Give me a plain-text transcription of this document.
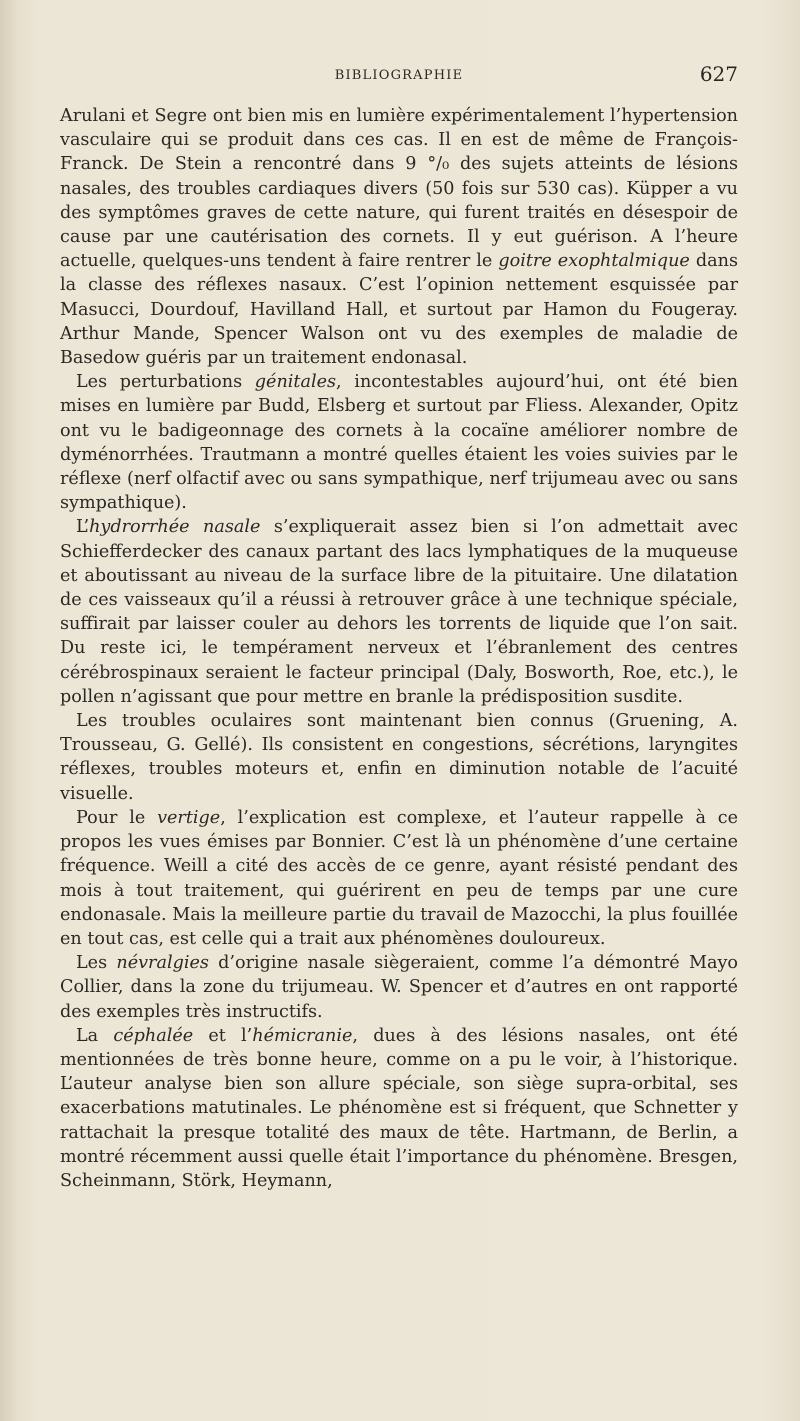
BIBLIOGRAPHIE	627

Arulani et Segre ont bien mis en lumière expérimentalement l’hypertension vasculaire qui se produit dans ces cas. Il en est de même de François-Franck. De Stein a rencontré dans 9 °/₀ des sujets atteints de lésions nasales, des troubles cardiaques divers (50 fois sur 530 cas). Küpper a vu des symptômes graves de cette nature, qui furent traités en désespoir de cause par une cautérisation des cornets. Il y eut guérison. A l’heure actuelle, quelques-uns tendent à faire rentrer le goitre exophtalmique dans la classe des réflexes nasaux. C’est l’opinion nettement esquissée par Masucci, Dourdouf, Havilland Hall, et surtout par Hamon du Fougeray. Arthur Mande, Spencer Walson ont vu des exemples de maladie de Basedow guéris par un traitement endonasal.

Les perturbations génitales, incontestables aujourd’hui, ont été bien mises en lumière par Budd, Elsberg et surtout par Fliess. Alexander, Opitz ont vu le badigeonnage des cornets à la cocaïne améliorer nombre de dyménorrhées. Trautmann a montré quelles étaient les voies suivies par le réflexe (nerf olfactif avec ou sans sympathique, nerf trijumeau avec ou sans sympathique).

L’hydrorrhée nasale s’expliquerait assez bien si l’on admettait avec Schiefferdecker des canaux partant des lacs lymphatiques de la muqueuse et aboutissant au niveau de la surface libre de la pituitaire. Une dilatation de ces vaisseaux qu’il a réussi à retrouver grâce à une technique spéciale, suffirait par laisser couler au dehors les torrents de liquide que l’on sait. Du reste ici, le tempérament nerveux et l’ébranlement des centres cérébrospinaux seraient le facteur principal (Daly, Bosworth, Roe, etc.), le pollen n’agissant que pour mettre en branle la prédisposition susdite.

Les troubles oculaires sont maintenant bien connus (Gruening, A. Trousseau, G. Gellé). Ils consistent en congestions, sécrétions, laryngites réflexes, troubles moteurs et, enfin en diminution notable de l’acuité visuelle.

Pour le vertige, l’explication est complexe, et l’auteur rappelle à ce propos les vues émises par Bonnier. C’est là un phénomène d’une certaine fréquence. Weill a cité des accès de ce genre, ayant résisté pendant des mois à tout traitement, qui guérirent en peu de temps par une cure endonasale. Mais la meilleure partie du travail de Mazocchi, la plus fouillée en tout cas, est celle qui a trait aux phénomènes douloureux.

Les névralgies d’origine nasale siègeraient, comme l’a démontré Mayo Collier, dans la zone du trijumeau. W. Spencer et d’autres en ont rapporté des exemples très instructifs.

La céphalée et l’hémicranie, dues à des lésions nasales, ont été mentionnées de très bonne heure, comme on a pu le voir, à l’historique. L’auteur analyse bien son allure spéciale, son siège supra-orbital, ses exacerbations matutinales. Le phénomène est si fréquent, que Schnetter y rattachait la presque totalité des maux de tête. Hartmann, de Berlin, a montré récemment aussi quelle était l’importance du phénomène. Bresgen, Scheinmann, Störk, Heymann,
